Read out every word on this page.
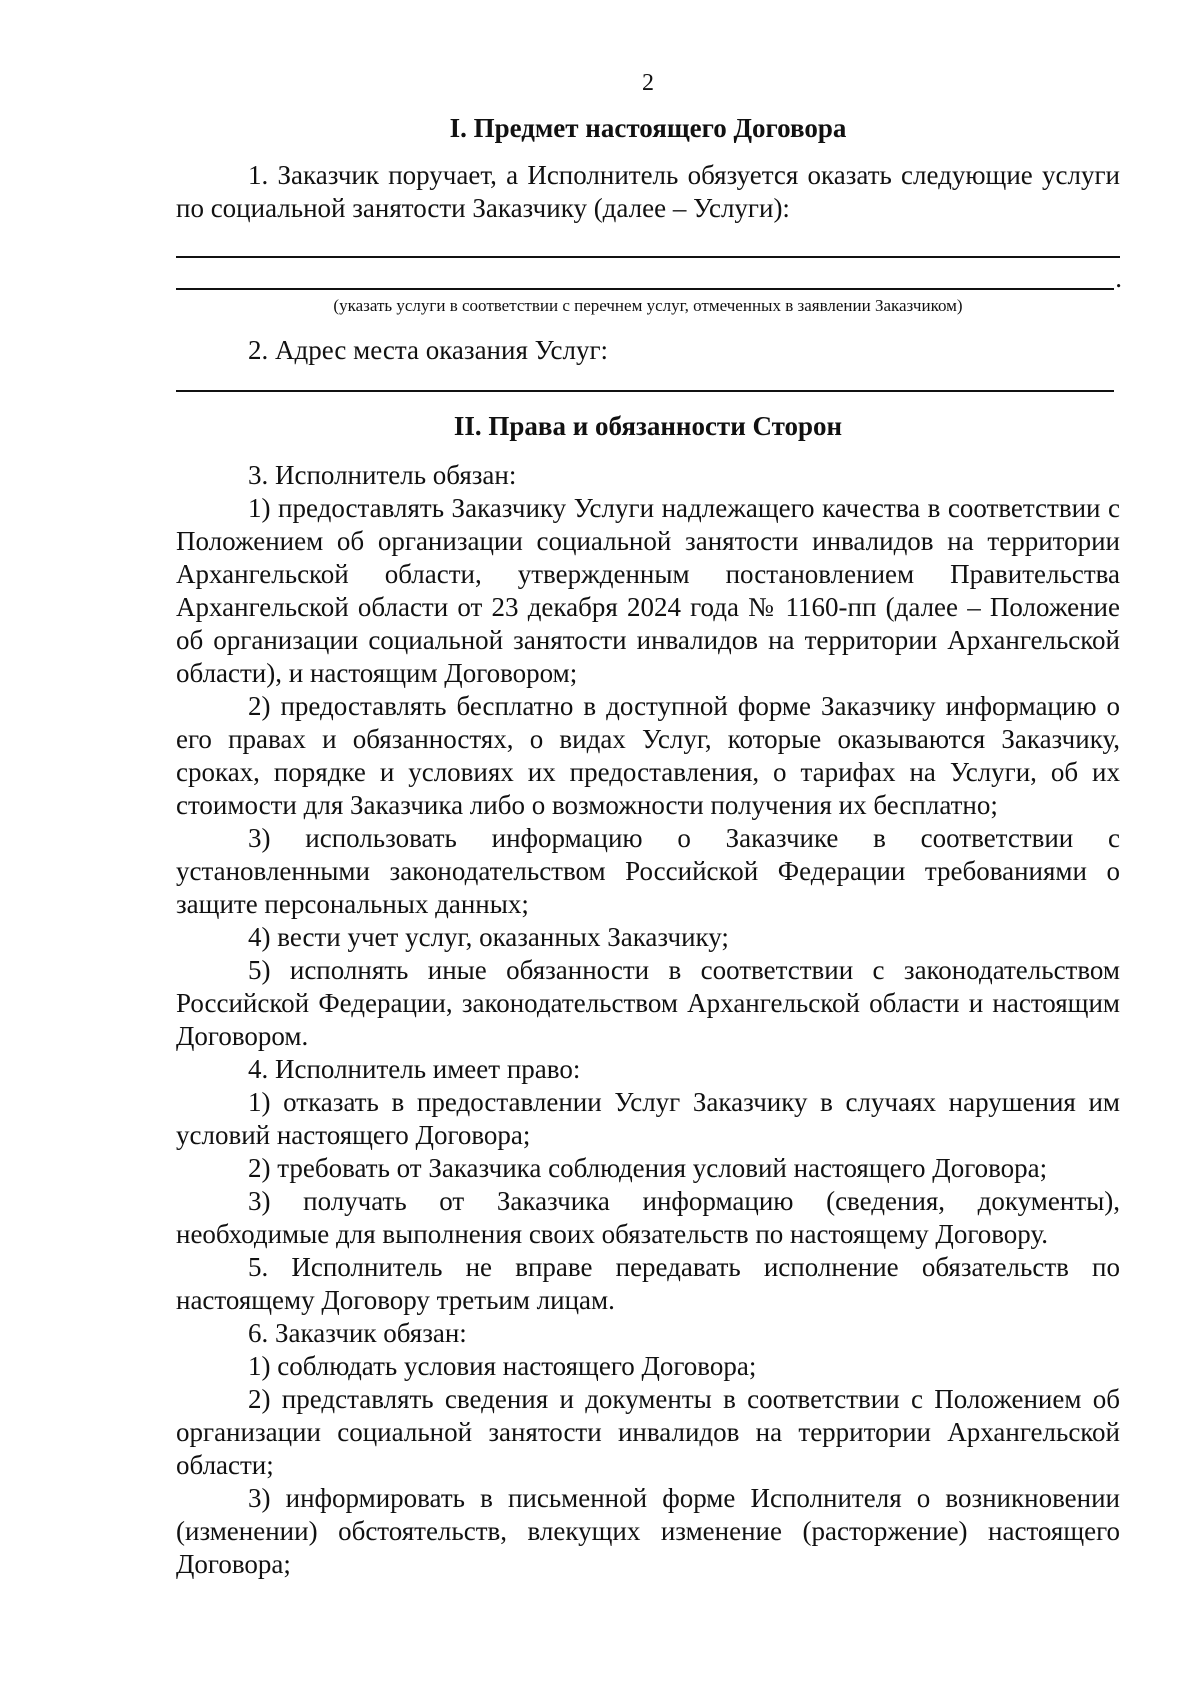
2
I. Предмет настоящего Договора

1. Заказчик поручает, а Исполнитель обязуется оказать следующие услуги по социальной занятости Заказчику (далее – Услуги):

.
(указать услуги в соответствии с перечнем услуг, отмеченных в заявлении Заказчиком)

2. Адрес места оказания Услуг:

II. Права и обязанности Сторон

3. Исполнитель обязан:

1) предоставлять Заказчику Услуги надлежащего качества в соответствии с Положением об организации социальной занятости инвалидов на территории Архангельской области, утвержденным постановлением Правительства Архангельской области от 23 декабря 2024 года № 1160-пп (далее – Положение об организации социальной занятости инвалидов на территории Архангельской области), и настоящим Договором;

2) предоставлять бесплатно в доступной форме Заказчику информацию о его правах и обязанностях, о видах Услуг, которые оказываются Заказчику, сроках, порядке и условиях их предоставления, о тарифах на Услуги, об их стоимости для Заказчика либо о возможности получения их бесплатно;

3) использовать информацию о Заказчике в соответствии с установленными законодательством Российской Федерации требованиями о защите персональных данных;

4) вести учет услуг, оказанных Заказчику;

5) исполнять иные обязанности в соответствии с законодательством Российской Федерации, законодательством Архангельской области и настоящим Договором.

4. Исполнитель имеет право:

1) отказать в предоставлении Услуг Заказчику в случаях нарушения им условий настоящего Договора;

2) требовать от Заказчика соблюдения условий настоящего Договора;

3) получать от Заказчика информацию (сведения, документы), необходимые для выполнения своих обязательств по настоящему Договору.

5. Исполнитель не вправе передавать исполнение обязательств по настоящему Договору третьим лицам.

6. Заказчик обязан:

1) соблюдать условия настоящего Договора;

2) представлять сведения и документы в соответствии с Положением об организации социальной занятости инвалидов на территории Архангельской области;

3) информировать в письменной форме Исполнителя о возникновении (изменении) обстоятельств, влекущих изменение (расторжение) настоящего Договора;
